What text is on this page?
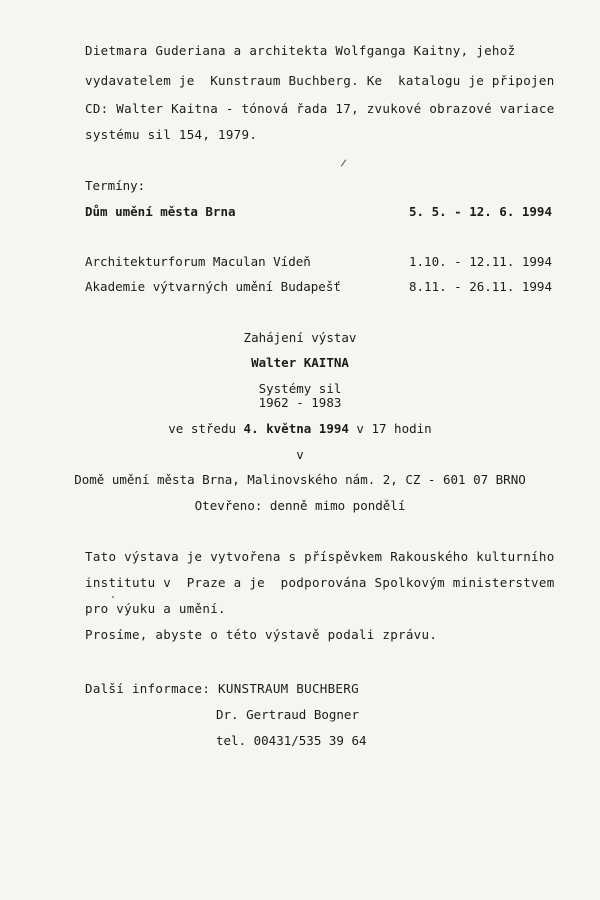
Dietmara Guderiana a architekta Wolfganga Kaitny, jehož
vydavatelem je  Kunstraum Buchberg. Ke  katalogu je připojen
CD: Walter Kaitna - tónová řada 17, zvukové obrazové variace
systému sil 154, 1979.
Termíny:
Dům umění města Brna	5. 5. - 12. 6. 1994
Architekturforum Maculan Vídeň	1.10. - 12.11. 1994
Akademie výtvarných umění Budapešť	8.11. - 26.11. 1994
Zahájení výstav
Walter KAITNA
Systémy sil
1962 - 1983
ve středu 4. května 1994 v 17 hodin
v
Domě umění města Brna, Malinovského nám. 2, CZ - 601 07 BRNO
Otevřeno: denně mimo pondělí
Tato výstava je vytvořena s příspěvkem Rakouského kulturního
institutu v  Praze a je  podporována Spolkovým ministerstvem
pro výuku a umění.
Prosíme, abyste o této výstavě podali zprávu.
Další informace: KUNSTRAUM BUCHBERG
Dr. Gertraud Bogner
tel. 00431/535 39 64
